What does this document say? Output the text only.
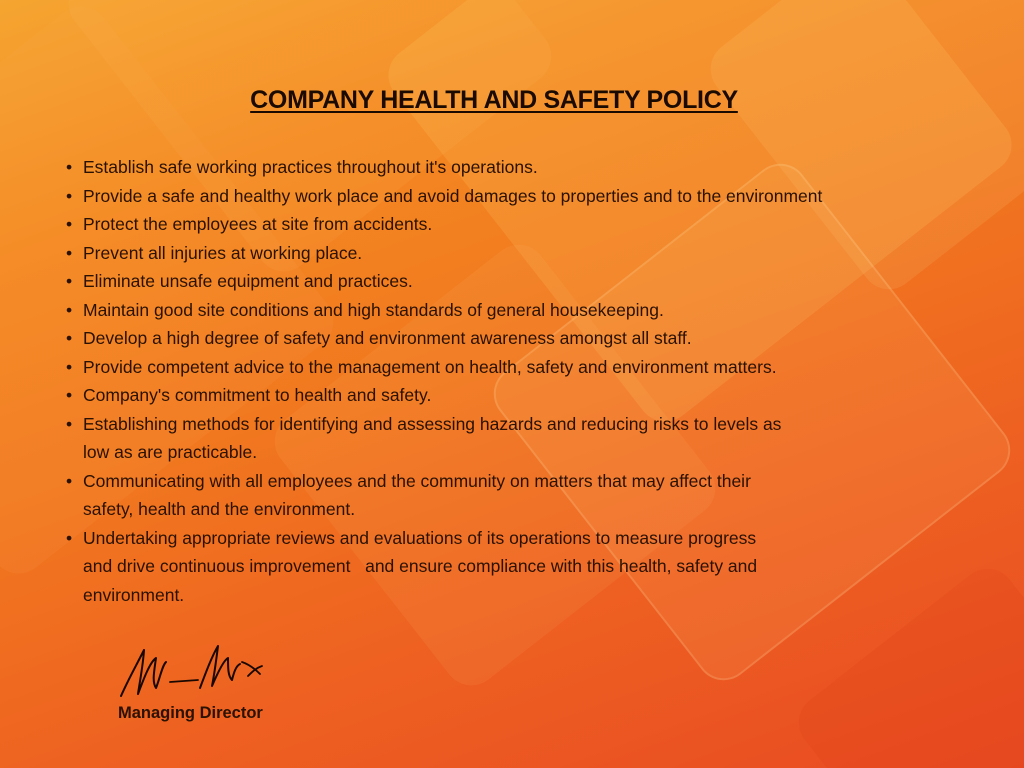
COMPANY HEALTH AND SAFETY POLICY
• Establish safe working practices throughout it's operations.
• Provide a safe and healthy work place and avoid damages to properties and to the environment
• Protect the employees at site from accidents.
• Prevent all injuries at working place.
• Eliminate unsafe equipment and practices.
• Maintain good site conditions and high standards of general housekeeping.
• Develop a high degree of safety and environment awareness amongst all staff.
• Provide competent advice to the management on health, safety and environment matters.
• Company's commitment to health and safety.
• Establishing methods for identifying and assessing hazards and reducing risks to levels as
low as are practicable.
• Communicating with all employees and the community on matters that may affect their
safety, health and the environment.
• Undertaking appropriate reviews and evaluations of its operations to measure progress
and drive continuous improvement   and ensure compliance with this health, safety and
environment.

Managing Director
